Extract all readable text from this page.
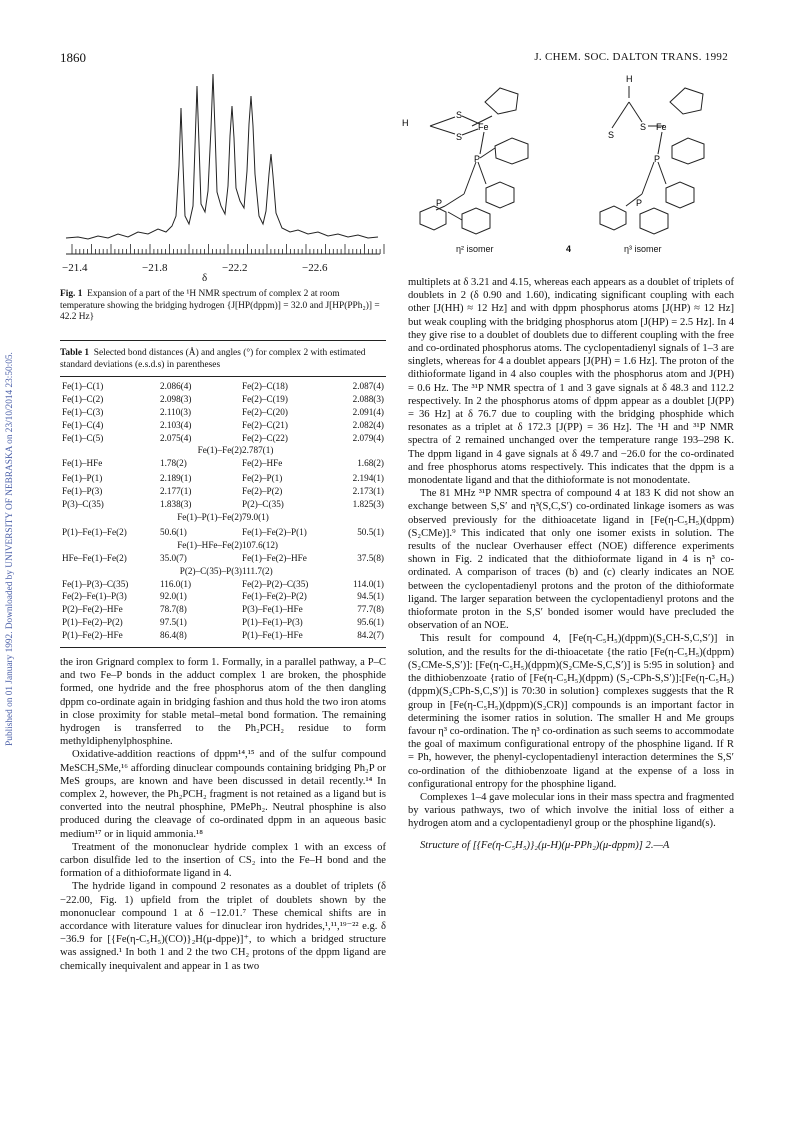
1860	J. CHEM. SOC. DALTON TRANS. 1992
Published on 01 January 1992. Downloaded by UNIVERSITY OF NEBRASKA on 23/10/2014 23:50:05.
−21.4	−21.8	−22.2	−22.6
δ
Fig. 1 Expansion of a part of the ¹H NMR spectrum of complex 2 at room temperature showing the bridging hydrogen {J[HP(dppm)] = 32.0 and J[HP(PPh₂)] = 42.2 Hz}
H
S
S
Fe
P
P
H
S
S Fe
P
P
η² isomer	4	η³ isomer
Table 1 Selected bond distances (Å) and angles (°) for complex 2 with estimated standard deviations (e.s.d.s) in parentheses
Fe(1)–C(1)	2.086(4)	Fe(2)–C(18)	2.087(4)
Fe(1)–C(2)	2.098(3)	Fe(2)–C(19)	2.088(3)
Fe(1)–C(3)	2.110(3)	Fe(2)–C(20)	2.091(4)
Fe(1)–C(4)	2.103(4)	Fe(2)–C(21)	2.082(4)
Fe(1)–C(5)	2.075(4)	Fe(2)–C(22)	2.079(4)
	Fe(1)–Fe(2)	2.787(1)	
Fe(1)–HFe	1.78(2)	Fe(2)–HFe	1.68(2)
Fe(1)–P(1)	2.189(1)	Fe(2)–P(1)	2.194(1)
Fe(1)–P(3)	2.177(1)	Fe(2)–P(2)	2.173(1)
P(3)–C(35)	1.838(3)	P(2)–C(35)	1.825(3)
	Fe(1)–P(1)–Fe(2)	79.0(1)	
P(1)–Fe(1)–Fe(2)	50.6(1)	Fe(1)–Fe(2)–P(1)	50.5(1)
	Fe(1)–HFe–Fe(2)	107.6(12)	
HFe–Fe(1)–Fe(2)	35.0(7)	Fe(1)–Fe(2)–HFe	37.5(8)
	P(2)–C(35)–P(3)	111.7(2)	
Fe(1)–P(3)–C(35)	116.0(1)	Fe(2)–P(2)–C(35)	114.0(1)
Fe(2)–Fe(1)–P(3)	92.0(1)	Fe(1)–Fe(2)–P(2)	94.5(1)
P(2)–Fe(2)–HFe	78.7(8)	P(3)–Fe(1)–HFe	77.7(8)
P(1)–Fe(2)–P(2)	97.5(1)	P(1)–Fe(1)–P(3)	95.6(1)
P(1)–Fe(2)–HFe	86.4(8)	P(1)–Fe(1)–HFe	84.2(7)

the iron Grignard complex to form 1. Formally, in a parallel pathway, a P–C and two Fe–P bonds in the adduct complex 1 are broken, the phosphide formed, one hydride and the free phosphorus atom of the then dangling dppm co-ordinate again in bridging fashion and thus hold the two iron atoms in close proximity for stable metal–metal bond formation. The remaining hydrogen is transferred to the Ph₂PCH₂ residue to form methyldiphenylphosphine.

Oxidative-addition reactions of dppm¹⁴,¹⁵ and of the sulfur compound MeSCH₂SMe,¹⁶ affording dinuclear compounds containing bridging Ph₂P or MeS groups, are known and have been discussed in detail recently.¹⁴ In complex 2, however, the Ph₂PCH₂ fragment is not retained as a ligand but is converted into the neutral phosphine, PMePh₂. Neutral phosphine is also produced during the cleavage of co-ordinated dppm in an aqueous basic medium¹⁷ or in liquid ammonia.¹⁸

Treatment of the mononuclear hydride complex 1 with an excess of carbon disulfide led to the insertion of CS₂ into the Fe–H bond and the formation of a dithioformate ligand in 4.

The hydride ligand in compound 2 resonates as a doublet of triplets (δ −22.00, Fig. 1) upfield from the triplet of doublets shown by the mononuclear compound 1 at δ −12.01.⁷ These chemical shifts are in accordance with literature values for dinuclear iron hydrides,¹,¹¹,¹⁹⁻²² e.g. δ −36.9 for [{Fe(η-C₅H₅)(CO)}₂H(μ-dppe)]⁺, to which a bridged structure was assigned.¹ In both 1 and 2 the two CH₂ protons of the dppm ligand are chemically inequivalent and appear in 1 as two

multiplets at δ 3.21 and 4.15, whereas each appears as a doublet of triplets of doublets in 2 (δ 0.90 and 1.60), indicating significant coupling with each other [J(HH) ≈ 12 Hz] and with dppm phosphorus atoms [J(HP) ≈ 12 Hz] but weak coupling with the bridging phosphorus atom [J(HP) = 2.5 Hz]. In 4 they give rise to a doublet of doublets due to different coupling with the free and co-ordinated phosphorus atoms. The cyclopentadienyl signals of 1–3 are singlets, whereas for 4 a doublet appears [J(PH) = 1.6 Hz]. The proton of the dithioformate ligand in 4 also couples with the phosphorus atom and J(PH) = 0.6 Hz. The ³¹P NMR spectra of 1 and 3 gave signals at δ 48.3 and 112.2 respectively. In 2 the phosphorus atoms of dppm appear as a doublet [J(PP) = 36 Hz] at δ 76.7 due to coupling with the bridging phosphide which resonates as a triplet at δ 172.3 [J(PP) = 36 Hz]. The ¹H and ³¹P NMR spectra of 2 remained unchanged over the temperature range 193–298 K. The dppm ligand in 4 gave signals at δ 49.7 and −26.0 for the co-ordinated and free phosphorus atoms respectively. This indicates that the dppm is a monodentate ligand and that the dithioformate is not monodentate.

The 81 MHz ³¹P NMR spectra of compound 4 at 183 K did not show an exchange between S,S′ and η³(S,C,S′) co-ordinated linkage isomers as was observed previously for the dithioacetate ligand in [Fe(η-C₅H₅)(dppm)(S₂CMe)].⁹ This indicated that only one isomer exists in solution. The results of the nuclear Overhauser effect (NOE) difference experiments shown in Fig. 2 indicated that the dithioformate ligand in 4 is η³ co-ordinated. A comparison of traces (b) and (c) clearly indicates an NOE between the cyclopentadienyl protons and the proton of the dithioformate ligand. The larger separation between the cyclopentadienyl protons and the thioformate proton in the S,S′ bonded isomer would have precluded the observation of an NOE.

This result for compound 4, [Fe(η-C₅H₅)(dppm)(S₂CH-S,C,S′)] in solution, and the results for the di-thioacetate {the ratio [Fe(η-C₅H₅)(dppm)(S₂CMe-S,S′)]: [Fe(η-C₅H₅)(dppm)(S₂CMe-S,C,S′)] is 5:95 in solution} and the dithiobenzoate {ratio of [Fe(η-C₅H₅)(dppm) (S₂-CPh-S,S′)]:[Fe(η-C₅H₅)(dppm)(S₂CPh-S,C,S′)] is 70:30 in solution} complexes suggests that the R group in [Fe(η-C₅H₅)(dppm)(S₂CR)] compounds is an important factor in determining the isomer ratios in solution. The smaller H and Me groups favour η³ co-ordination. The η³ co-ordination as such seems to accommodate the goal of maximum configurational entropy of the phosphine ligand. If R = Ph, however, the phenyl-cyclopentadienyl interaction determines the S,S′ co-ordination of the dithiobenzoate ligand at the expense of a loss in configurational entropy for the phosphine ligand.

Complexes 1–4 gave molecular ions in their mass spectra and fragmented by various pathways, two of which involve the initial loss of either a hydrogen atom and a cyclopentadienyl group or the phosphine ligand(s).

Structure of [{Fe(η-C₅H₅)}₂(μ-H)(μ-PPh₂)(μ-dppm)] 2.—A
